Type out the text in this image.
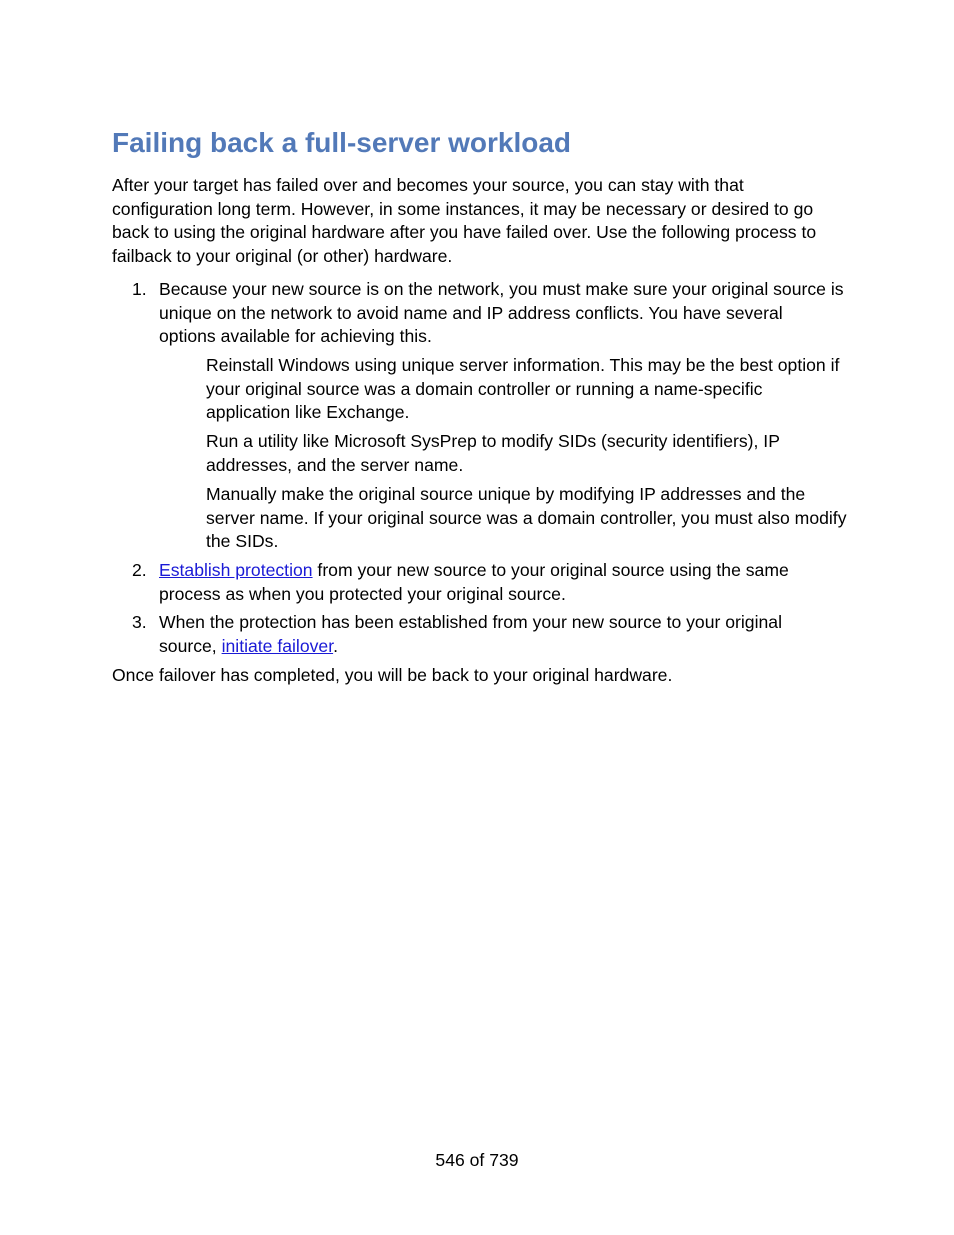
Failing back a full-server workload

After your target has failed over and becomes your source, you can stay with that configuration long term. However, in some instances, it may be necessary or desired to go back to using the original hardware after you have failed over. Use the following process to failback to your original (or other) hardware.

1. Because your new source is on the network, you must make sure your original source is unique on the network to avoid name and IP address conflicts. You have several options available for achieving this.

Reinstall Windows using unique server information. This may be the best option if your original source was a domain controller or running a name-specific application like Exchange.

Run a utility like Microsoft SysPrep to modify SIDs (security identifiers), IP addresses, and the server name.

Manually make the original source unique by modifying IP addresses and the server name. If your original source was a domain controller, you must also modify the SIDs.

2. Establish protection from your new source to your original source using the same process as when you protected your original source.

3. When the protection has been established from your new source to your original source, initiate failover.

Once failover has completed, you will be back to your original hardware.

546 of 739
